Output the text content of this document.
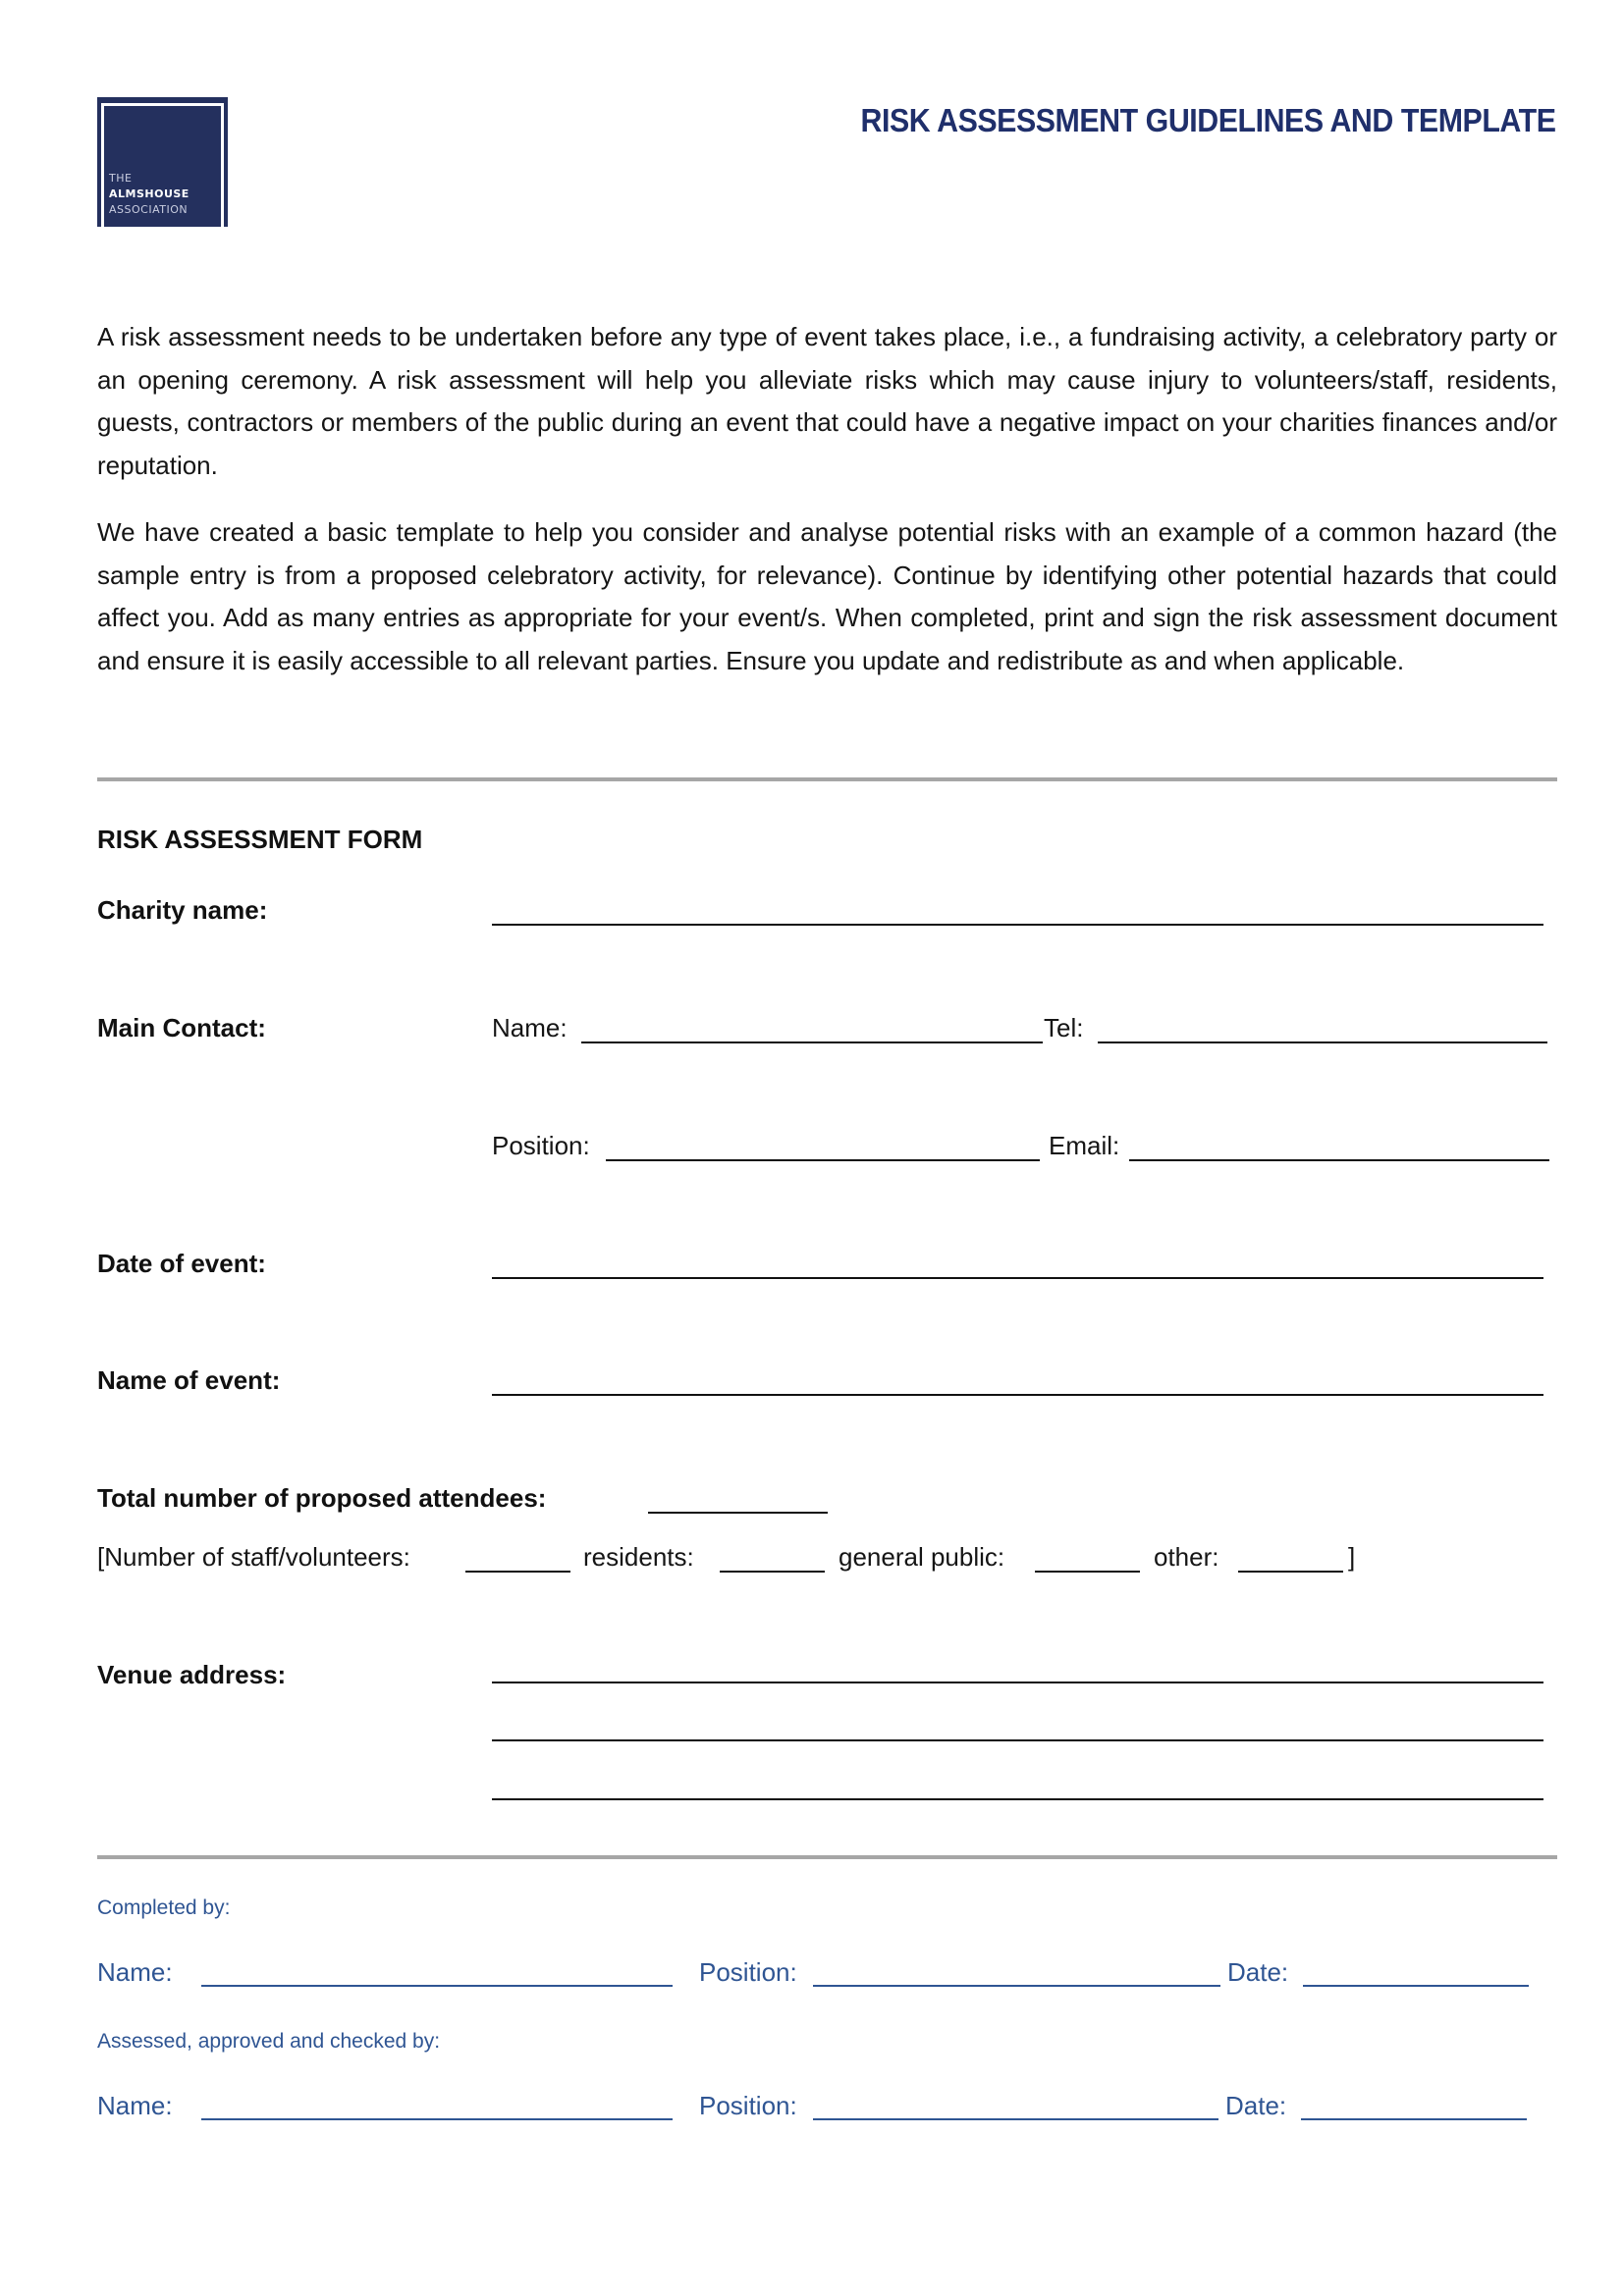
THE
ALMSHOUSE
ASSOCIATION
RISK ASSESSMENT GUIDELINES AND TEMPLATE
A risk assessment needs to be undertaken before any type of event takes place, i.e., a fundraising activity, a celebratory party or an opening ceremony. A risk assessment will help you alleviate risks which may cause injury to volunteers/staff, residents, guests, contractors or members of the public during an event that could have a negative impact on your charities finances and/or reputation.
We have created a basic template to help you consider and analyse potential risks with an example of a common hazard (the sample entry is from a proposed celebratory activity, for relevance). Continue by identifying other potential hazards that could affect you. Add as many entries as appropriate for your event/s. When completed, print and sign the risk assessment document and ensure it is easily accessible to all relevant parties. Ensure you update and redistribute as and when applicable.
RISK ASSESSMENT FORM
Charity name:
Main Contact:	Name:	Tel:
Position:	Email:
Date of event:
Name of event:
Total number of proposed attendees:
[Number of staff/volunteers:	residents:	general public:	other:	]
Venue address:
Completed by:
Name:	Position:	Date:
Assessed, approved and checked by:
Name:	Position:	Date:
